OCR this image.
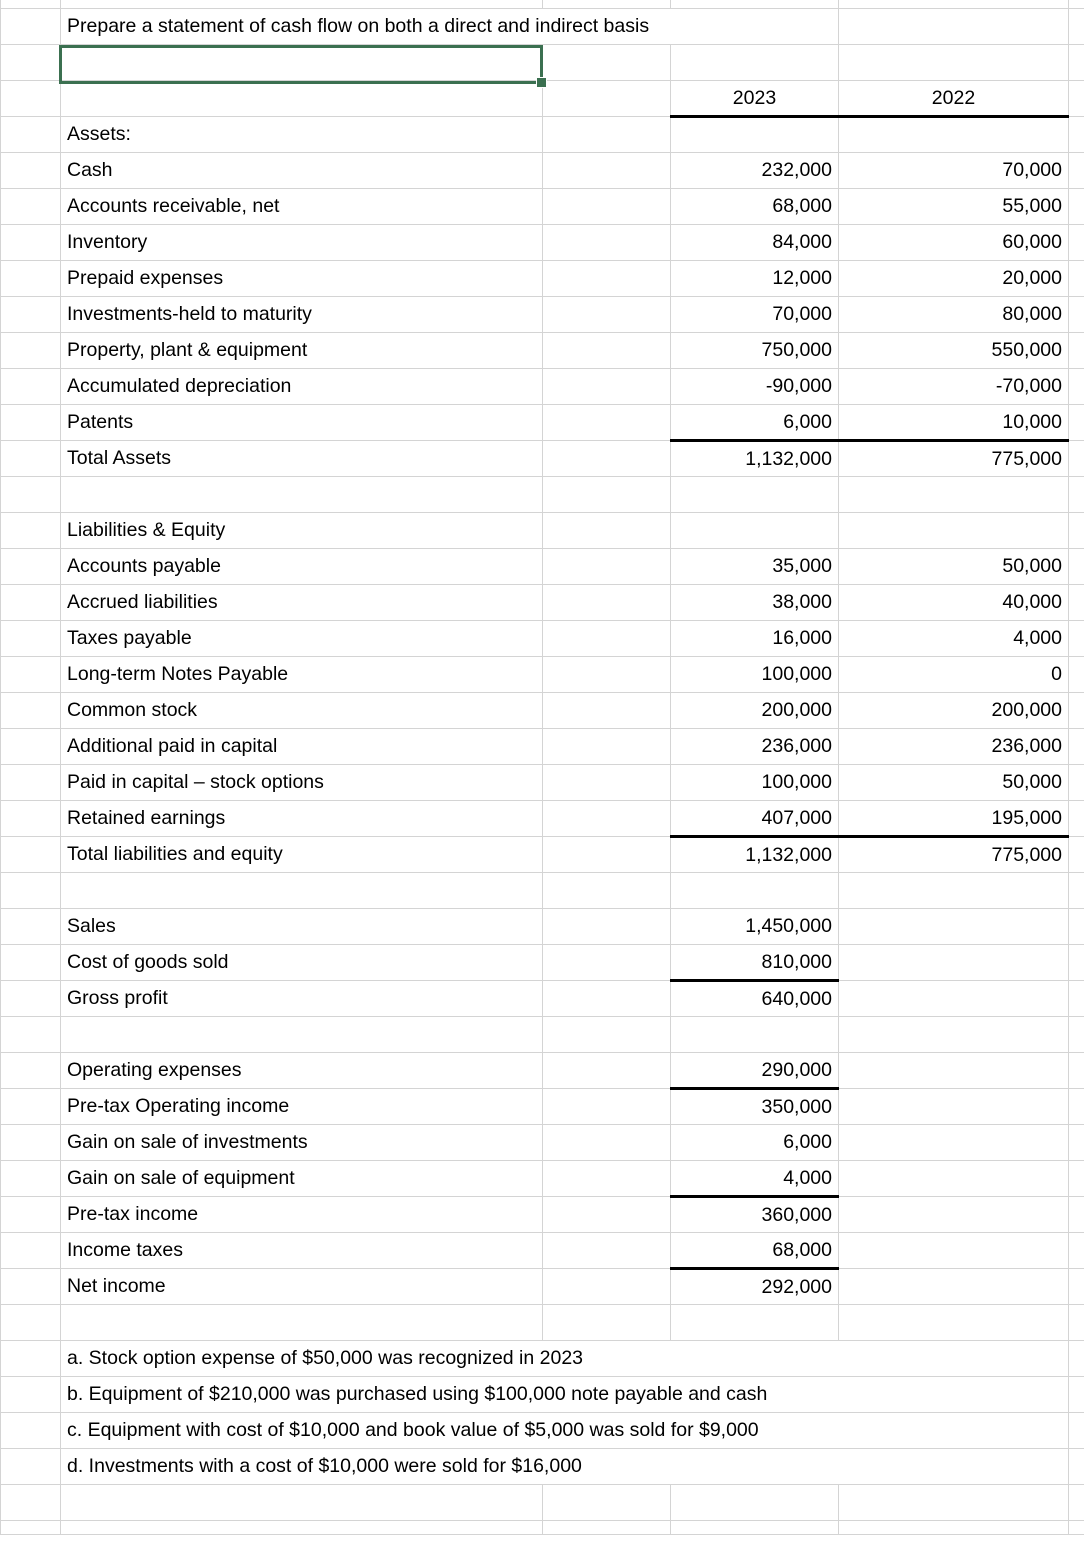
	Prepare a statement of cash flow on both a direct and indirect basis				

			2023	2022	
	Assets:				
	Cash		232,000	70,000	
	Accounts receivable, net		68,000	55,000	
	Inventory		84,000	60,000	
	Prepaid expenses		12,000	20,000	
	Investments-held to maturity		70,000	80,000	
	Property, plant & equipment		750,000	550,000	
	Accumulated depreciation		-90,000	-70,000	
	Patents		6,000	10,000	
	Total Assets		1,132,000	775,000	

	Liabilities & Equity				
	Accounts payable		35,000	50,000	
	Accrued liabilities		38,000	40,000	
	Taxes payable		16,000	4,000	
	Long-term Notes Payable		100,000	0	
	Common stock		200,000	200,000	
	Additional paid in capital		236,000	236,000	
	Paid in capital – stock options		100,000	50,000	
	Retained earnings		407,000	195,000	
	Total liabilities and equity		1,132,000	775,000	

	Sales		1,450,000		
	Cost of goods sold		810,000		
	Gross profit		640,000		

	Operating expenses		290,000		
	Pre-tax Operating income		350,000		
	Gain on sale of investments		6,000		
	Gain on sale of equipment		4,000		
	Pre-tax income		360,000		
	Income taxes		68,000		
	Net income		292,000		

	a. Stock option expense of $50,000 was recognized in 2023				

	b. Equipment of $210,000 was purchased using $100,000 note payable and cash				

	c. Equipment with cost of $10,000 and book value of $5,000 was sold for $9,000				

	d. Investments with a cost of $10,000 were sold for $16,000				
